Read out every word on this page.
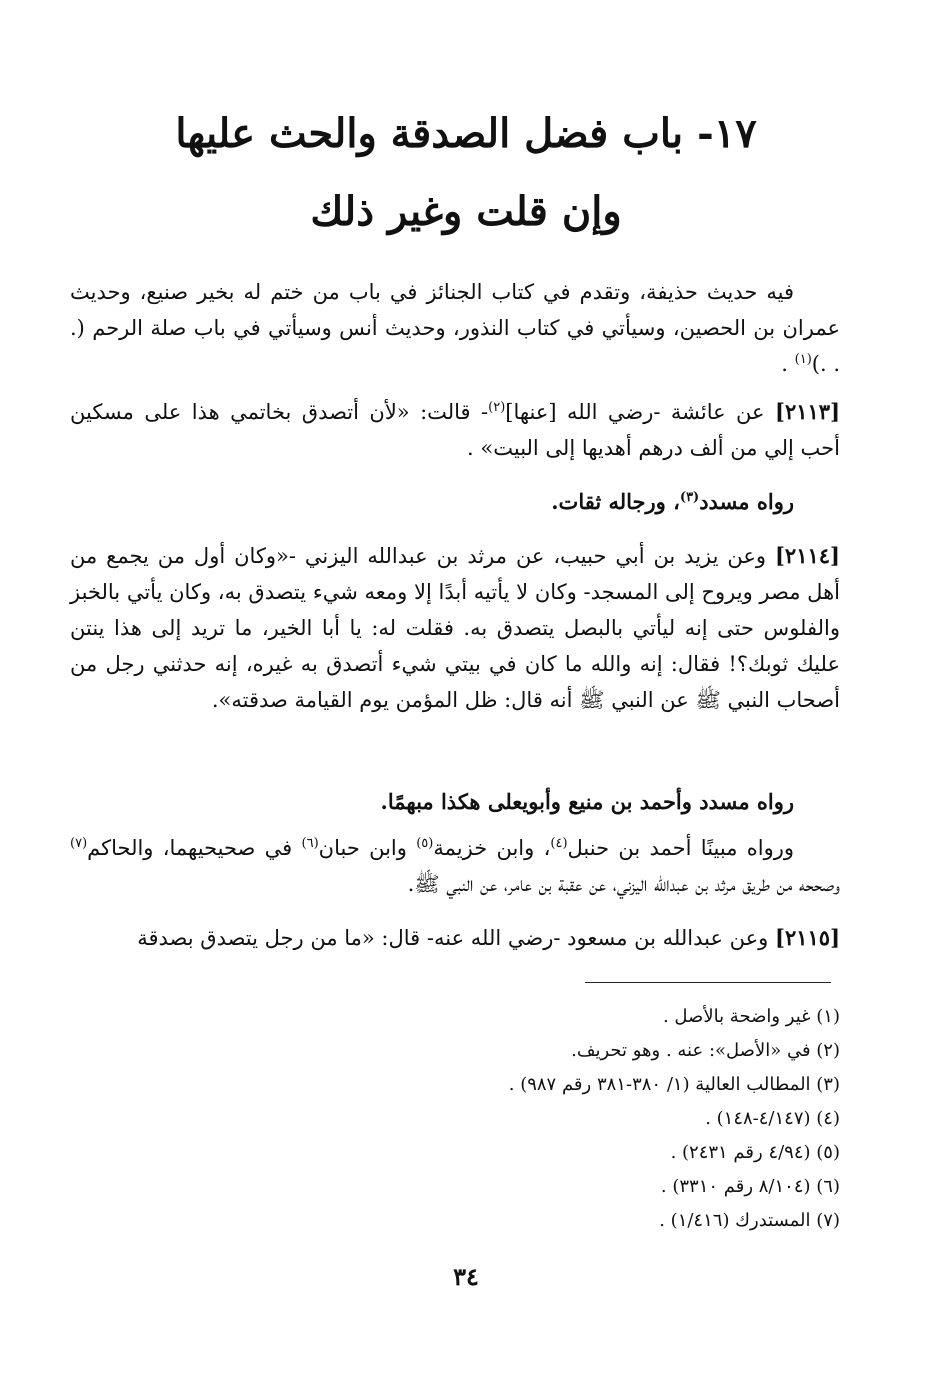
١٧- باب فضل الصدقة والحث عليها
وإن قلت وغير ذلك

فيه حديث حذيفة، وتقدم في كتاب الجنائز في باب من ختم له بخير صنيع، وحديث عمران بن الحصين، وسيأتي في كتاب النذور، وحديث أنس وسيأتي في باب صلة الرحم (. . .)$^{(١)}$ .

[٢١١٣] عن عائشة -رضي الله [عنها]$^{(٢)}$- قالت: «لأن أتصدق بخاتمي هذا على مسكين أحب إلي من ألف درهم أهديها إلى البيت» .

رواه مسدد$^{(٣)}$، ورجاله ثقات.

[٢١١٤] وعن يزيد بن أبي حبيب، عن مرثد بن عبدالله اليزني -«وكان أول من يجمع من أهل مصر ويروح إلى المسجد- وكان لا يأتيه أبدًا إلا ومعه شيء يتصدق به، وكان يأتي بالخبز والفلوس حتى إنه ليأتي بالبصل يتصدق به. فقلت له: يا أبا الخير، ما تريد إلى هذا ينتن عليك ثوبك؟! فقال: إنه والله ما كان في بيتي شيء أتصدق به غيره، إنه حدثني رجل من أصحاب النبي ﷺ عن النبي ﷺ أنه قال: ظل المؤمن يوم القيامة صدقته».

رواه مسدد وأحمد بن منيع وأبويعلى هكذا مبهمًا.

ورواه مبينًا أحمد بن حنبل$^{(٤)}$، وابن خزيمة$^{(٥)}$ وابن حبان$^{(٦)}$ في صحيحيهما، والحاكم$^{(٧)}$ وصححه من طريق مرثد بن عبدالله اليزني، عن عقبة بن عامر، عن النبي ﷺ.

[٢١١٥] وعن عبدالله بن مسعود -رضي الله عنه- قال: «ما من رجل يتصدق بصدقة

(١) غير واضحة بالأصل .
(٢) في «الأصل»: عنه . وهو تحريف.
(٣) المطالب العالية (١/ ٣٨٠-٣٨١ رقم ٩٨٧) .
(٤) (٤/١٤٧-١٤٨) .
(٥) (٤/٩٤ رقم ٢٤٣١) .
(٦) (٨/١٠٤ رقم ٣٣١٠) .
(٧) المستدرك (١/٤١٦) .
٣٤
